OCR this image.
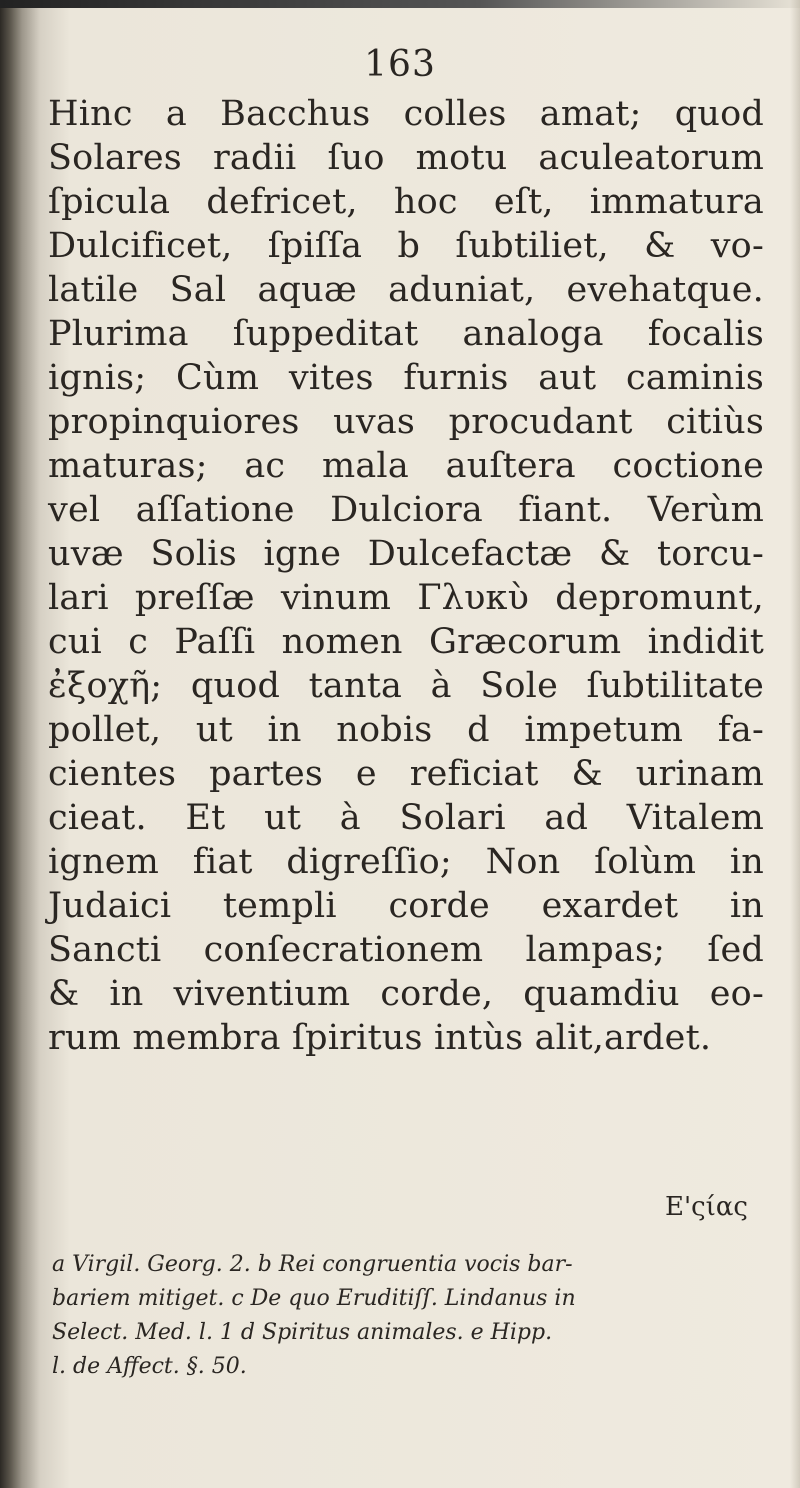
163
Hinc a Bacchus colles amat; quod
Solares radii ſuo motu aculeatorum
ſpicula defricet, hoc eſt, immatura
Dulcificet, ſpiſſa b ſubtiliet, & vo-
latile Sal aquæ aduniat, evehatque.
Plurima ſuppeditat analoga focalis
ignis; Cùm vites furnis aut caminis
propinquiores uvas procudant citiùs
maturas; ac mala auſtera coctione
vel aſſatione Dulciora fiant. Verùm
uvæ Solis igne Dulcefactæ & torcu-
lari preſſæ vinum Γλυκὺ depromunt,
cui c Paſſi nomen Græcorum indidit
ἐξοχῆ; quod tanta à Sole ſubtilitate
pollet, ut in nobis d impetum fa-
cientes partes e reficiat & urinam
cieat. Et ut à Solari ad Vitalem
ignem fiat digreſſio; Non ſolùm in
Judaici templi corde exardet in
Sancti conſecrationem lampas; ſed
& in viventium corde, quamdiu eo-
rum membra ſpiritus intùs alit,ardet.
E'ςίας
a Virgil. Georg. 2. b Rei congruentia vocis bar-
bariem mitiget. c De quo Eruditiſſ. Lindanus in
Select. Med. l. 1 d Spiritus animales. e Hipp.
l. de Affect. §. 50.
